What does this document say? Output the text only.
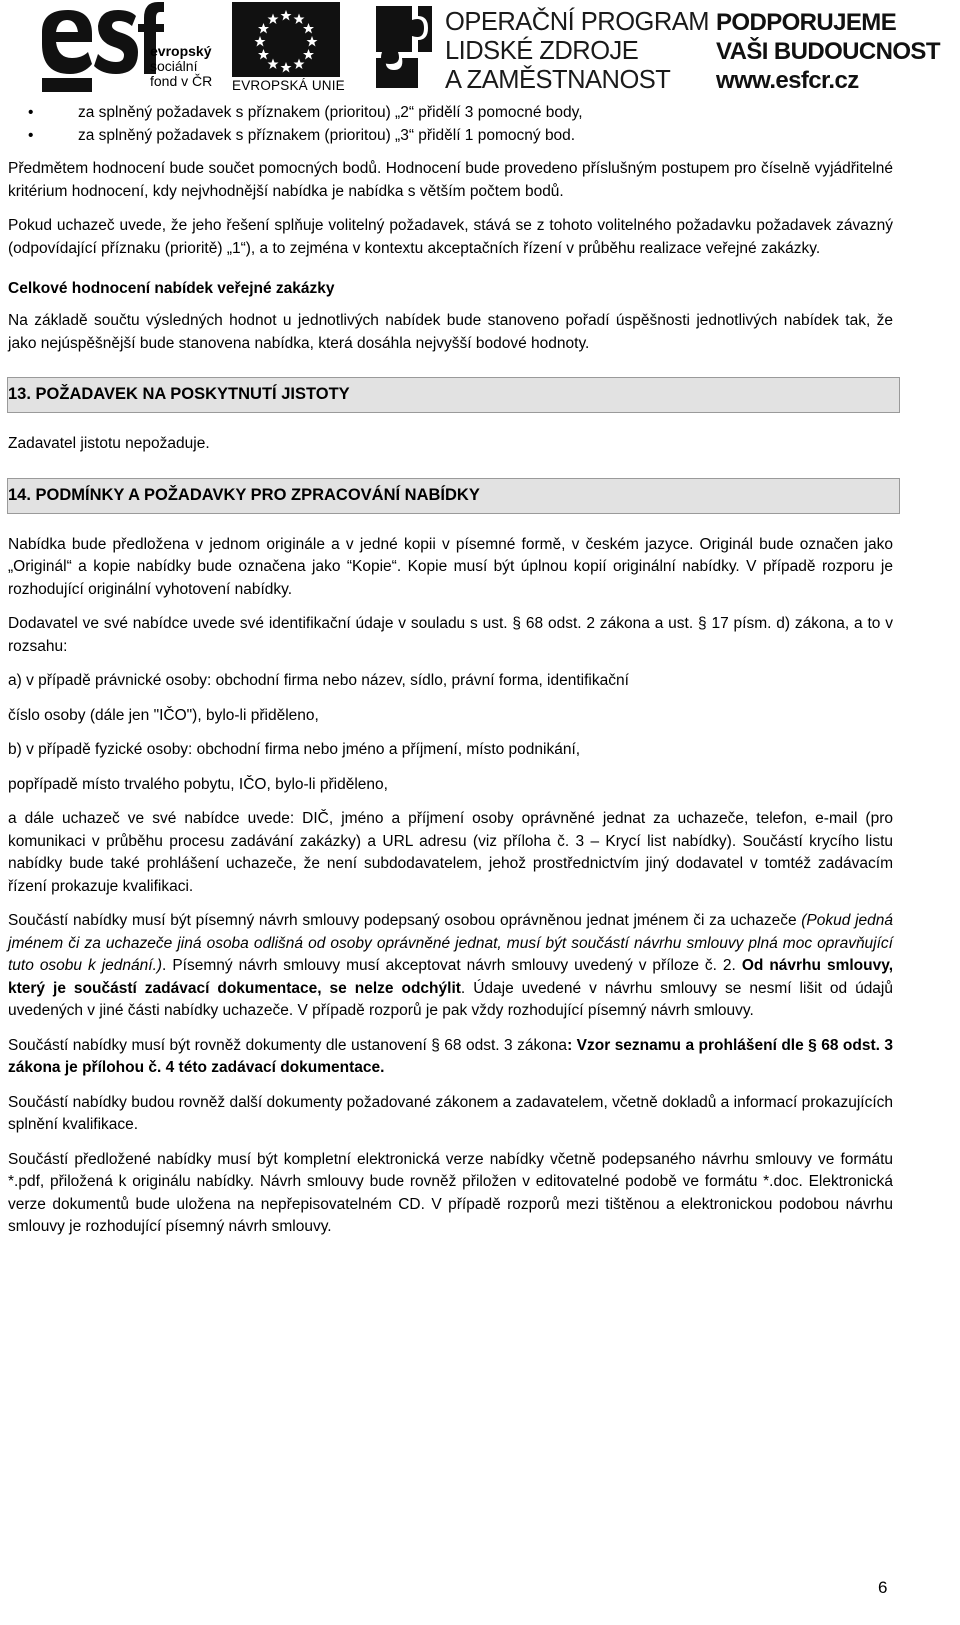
evropský
sociální
fond v ČR EVROPSKÁ UNIE
OPERAČNÍ PROGRAM
LIDSKÉ ZDROJE
A ZAMĚSTNANOST
PODPORUJEME
VAŠI BUDOUCNOST
www.esfcr.cz
• za splněný požadavek s příznakem (prioritou) „2“ přidělí 3 pomocné body,
• za splněný požadavek s příznakem (prioritou) „3“ přidělí 1 pomocný bod.

Předmětem hodnocení bude součet pomocných bodů. Hodnocení bude provedeno příslušným postupem pro číselně vyjádřitelné kritérium hodnocení, kdy nejvhodnější nabídka je nabídka s větším počtem bodů.

Pokud uchazeč uvede, že jeho řešení splňuje volitelný požadavek, stává se z tohoto volitelného požadavku požadavek závazný (odpovídající příznaku (prioritě) „1“), a to zejména v kontextu akceptačních řízení v průběhu realizace veřejné zakázky.

Celkové hodnocení nabídek veřejné zakázky

Na základě součtu výsledných hodnot u jednotlivých nabídek bude stanoveno pořadí úspěšnosti jednotlivých nabídek tak, že jako nejúspěšnější bude stanovena nabídka, která dosáhla nejvyšší bodové hodnoty.

13. POŽADAVEK NA POSKYTNUTÍ JISTOTY

Zadavatel jistotu nepožaduje.

14. PODMÍNKY A POŽADAVKY PRO ZPRACOVÁNÍ NABÍDKY

Nabídka bude předložena v jednom originále a v jedné kopii v písemné formě, v českém jazyce. Originál bude označen jako „Originál“ a kopie nabídky bude označena jako “Kopie“. Kopie musí být úplnou kopií originální nabídky. V případě rozporu je rozhodující originální vyhotovení nabídky.

Dodavatel ve své nabídce uvede své identifikační údaje v souladu s ust. § 68 odst. 2 zákona a ust. § 17 písm. d) zákona, a to v rozsahu:

a) v případě právnické osoby: obchodní firma nebo název, sídlo, právní forma, identifikační

číslo osoby (dále jen "IČO"), bylo-li přiděleno,

b) v případě fyzické osoby: obchodní firma nebo jméno a příjmení, místo podnikání,

popřípadě místo trvalého pobytu, IČO, bylo-li přiděleno,

a dále uchazeč ve své nabídce uvede: DIČ, jméno a příjmení osoby oprávněné jednat za uchazeče, telefon, e-mail (pro komunikaci v průběhu procesu zadávání zakázky) a URL adresu (viz příloha č. 3 – Krycí list nabídky). Součástí krycího listu nabídky bude také prohlášení uchazeče, že není subdodavatelem, jehož prostřednictvím jiný dodavatel v tomtéž zadávacím řízení prokazuje kvalifikaci.

Součástí nabídky musí být písemný návrh smlouvy podepsaný osobou oprávněnou jednat jménem či za uchazeče (Pokud jedná jménem či za uchazeče jiná osoba odlišná od osoby oprávněné jednat, musí být součástí návrhu smlouvy plná moc opravňující tuto osobu k jednání.). Písemný návrh smlouvy musí akceptovat návrh smlouvy uvedený v příloze č. 2. Od návrhu smlouvy, který je součástí zadávací dokumentace, se nelze odchýlit. Údaje uvedené v návrhu smlouvy se nesmí lišit od údajů uvedených v jiné části nabídky uchazeče. V případě rozporů je pak vždy rozhodující písemný návrh smlouvy.

Součástí nabídky musí být rovněž dokumenty dle ustanovení § 68 odst. 3 zákona: Vzor seznamu a prohlášení dle § 68 odst. 3 zákona je přílohou č. 4 této zadávací dokumentace.

Součástí nabídky budou rovněž další dokumenty požadované zákonem a zadavatelem, včetně dokladů a informací prokazujících splnění kvalifikace.

Součástí předložené nabídky musí být kompletní elektronická verze nabídky včetně podepsaného návrhu smlouvy ve formátu *.pdf, přiložená k originálu nabídky. Návrh smlouvy bude rovněž přiložen v editovatelné podobě ve formátu *.doc. Elektronická verze dokumentů bude uložena na nepřepisovatelném CD. V případě rozporů mezi tištěnou a elektronickou podobou návrhu smlouvy je rozhodující písemný návrh smlouvy.

6
